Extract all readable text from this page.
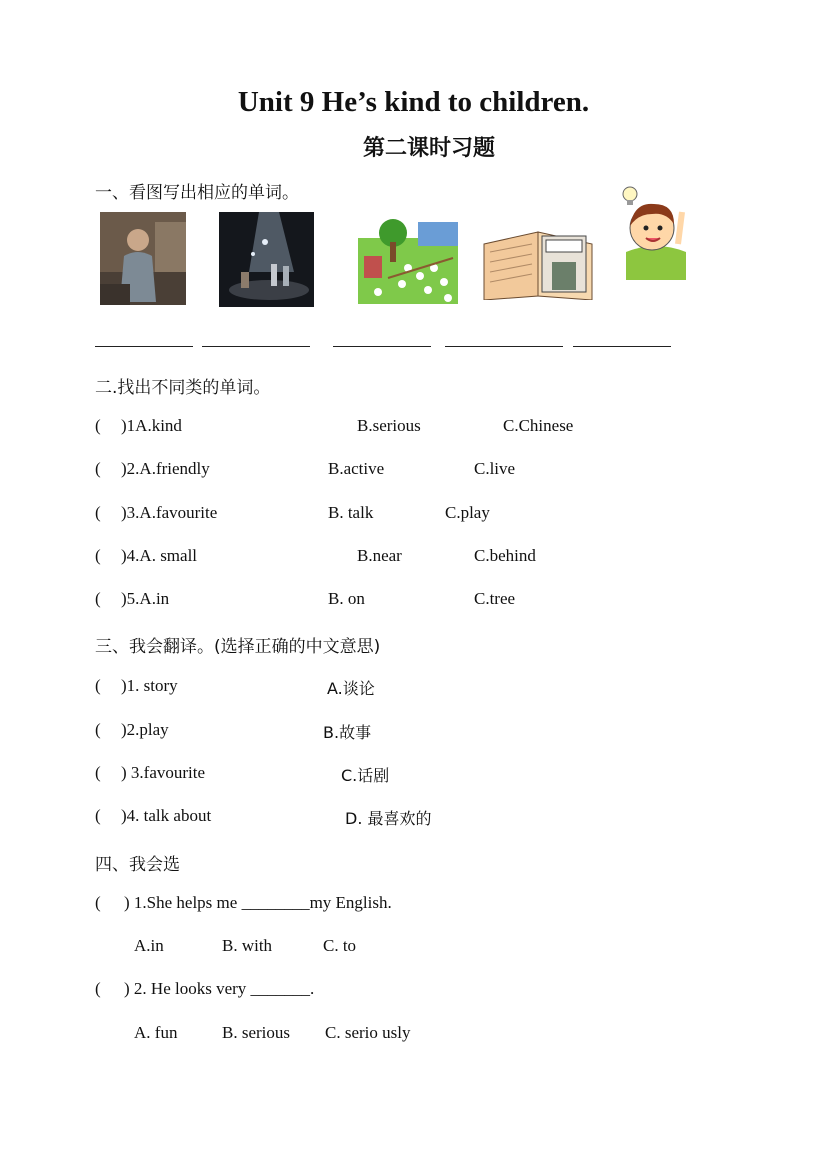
Unit 9 He’s kind to children.
第二课时习题
一、看图写出相应的单词。
二.找出不同类的单词。
( )1A.kind	B.serious	C.Chinese
( )2.A.friendly	B.active	C.live
( )3.A.favourite	B. talk	C.play
( )4.A. small	B.near	C.behind
( )5.A.in	B. on	C.tree
三、我会翻译。(选择正确的中文意思)
( )1. story	A.谈论
( )2.play	B.故事
( ) 3.favourite	C.话剧
( )4. talk about	D. 最喜欢的
四、我会选
( ) 1.She helps me ________my English.
A.in	B. with	C. to
( ) 2. He looks very _______.
A. fun	B. serious C. serio usly
